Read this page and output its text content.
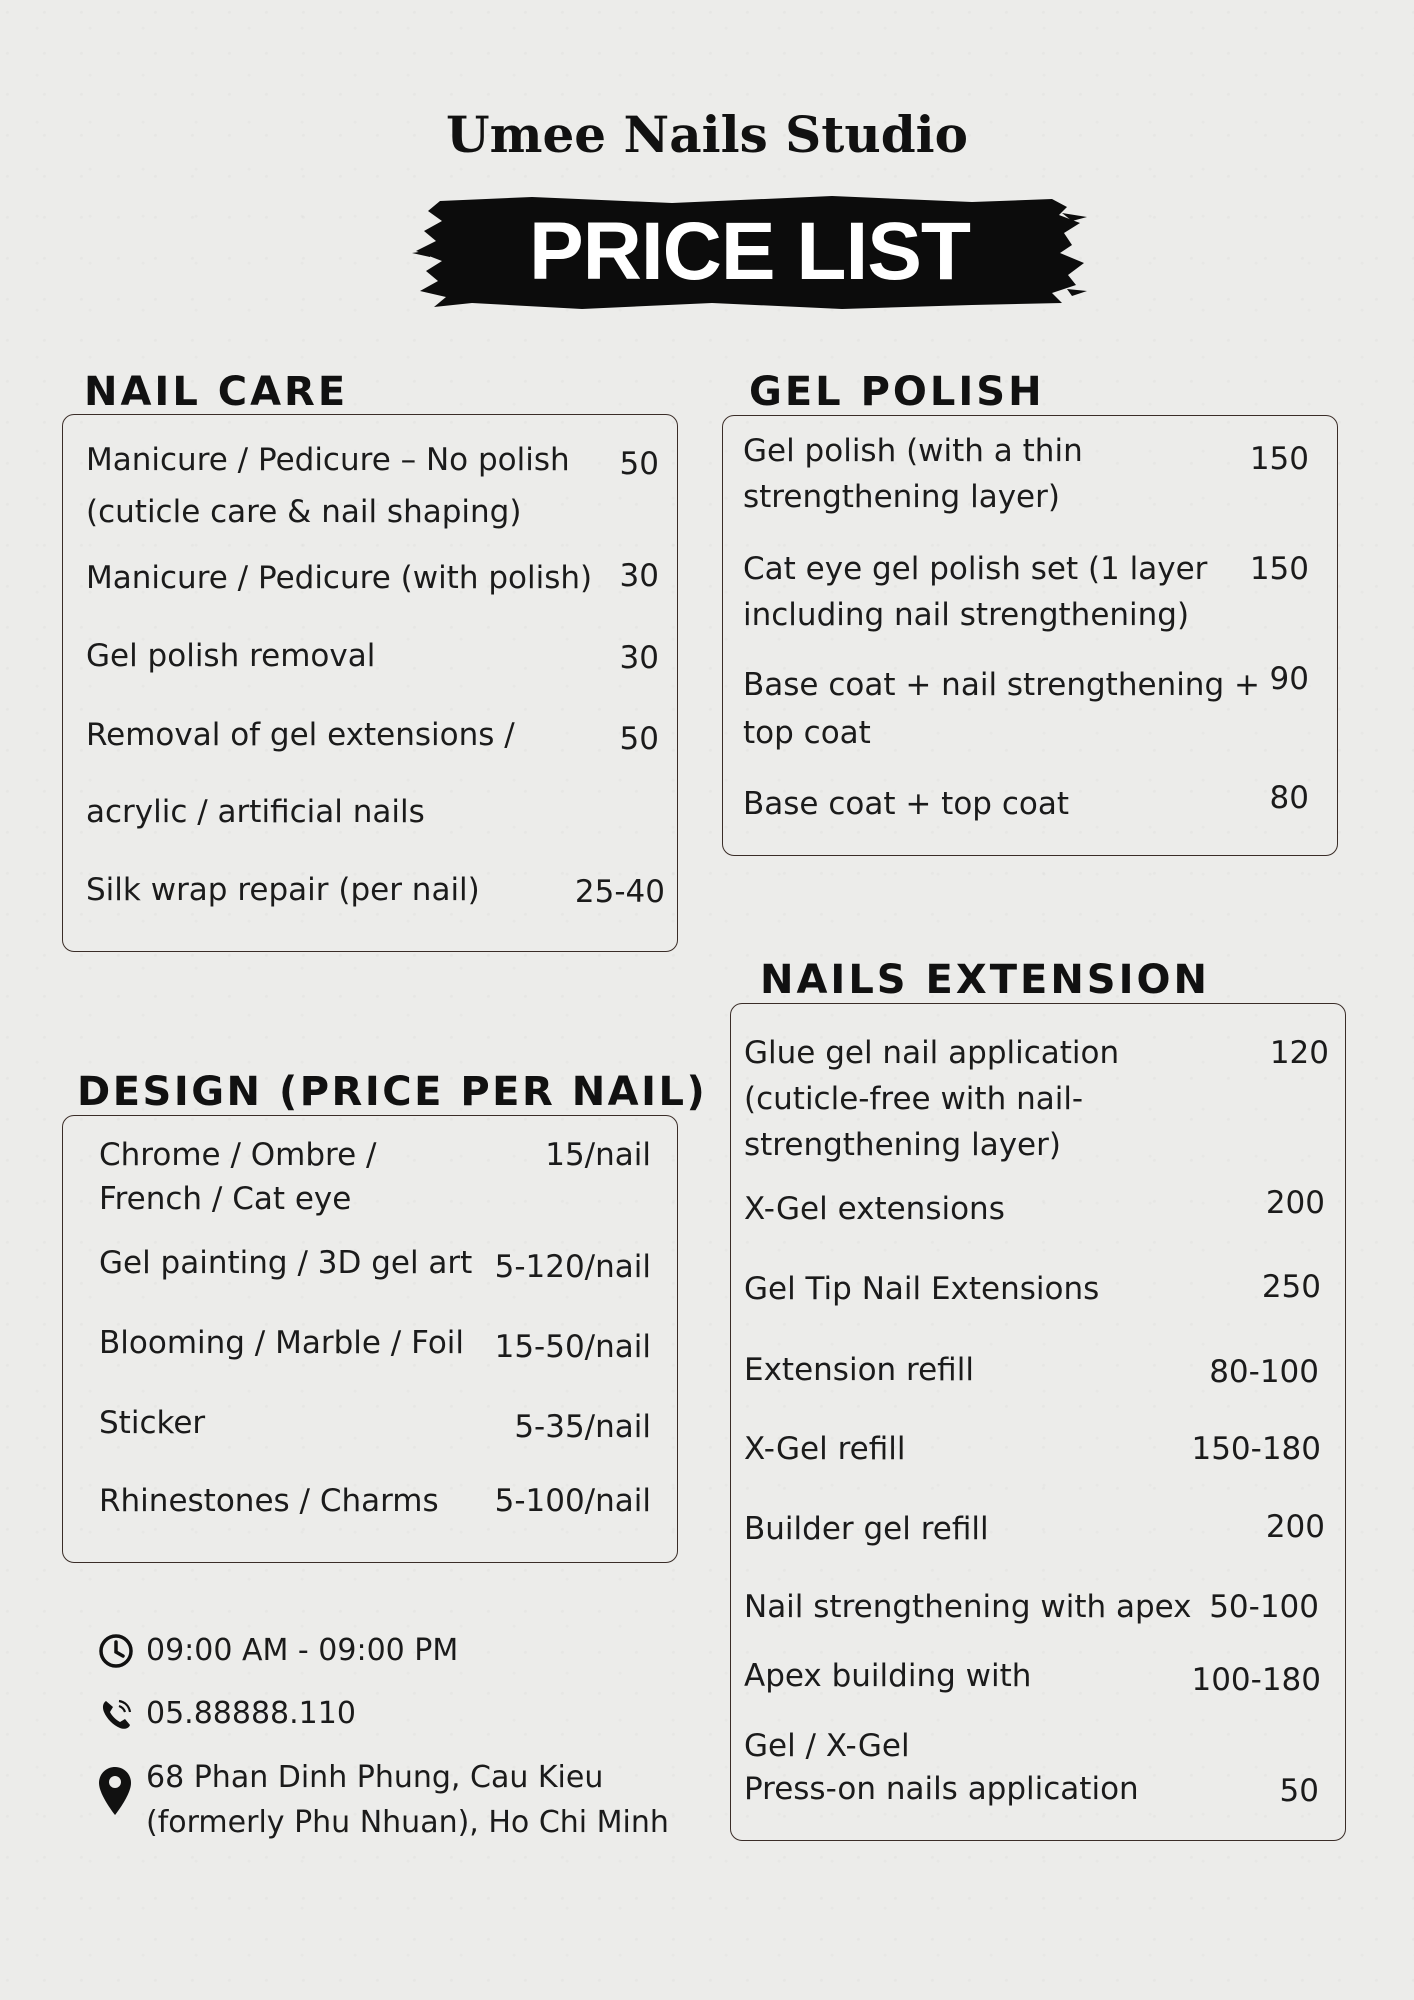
Umee Nails Studio
PRICE LIST
NAIL CARE
Manicure / Pedicure – No polish
(cuticle care & nail shaping)
50
Manicure / Pedicure (with polish) 30
Gel polish removal	30
Removal of gel extensions /
acrylic / artificial nails
50
Silk wrap repair (per nail)	25-40
GEL POLISH
Gel polish (with a thin
strengthening layer)
150
Cat eye gel polish set (1 layer
including nail strengthening)
150
Base coat + nail strengthening +
top coat
90
Base coat + top coat	80
DESIGN (PRICE PER NAIL)
Chrome / Ombre /
French / Cat eye
15/nail
Gel painting / 3D gel art 5-120/nail
Blooming / Marble / Foil 15-50/nail
Sticker	5-35/nail
Rhinestones / Charms 5-100/nail
NAILS EXTENSION
Glue gel nail application
(cuticle-free with nail-
strengthening layer)
120
X-Gel extensions	200
Gel Tip Nail Extensions	250
Extension refill	80-100
X-Gel refill	150-180
Builder gel refill	200
Nail strengthening with apex 50-100
Apex building with
Gel / X-Gel
100-180
Press-on nails application	50
09:00 AM - 09:00 PM
05.88888.110
68 Phan Dinh Phung, Cau Kieu
(formerly Phu Nhuan), Ho Chi Minh
